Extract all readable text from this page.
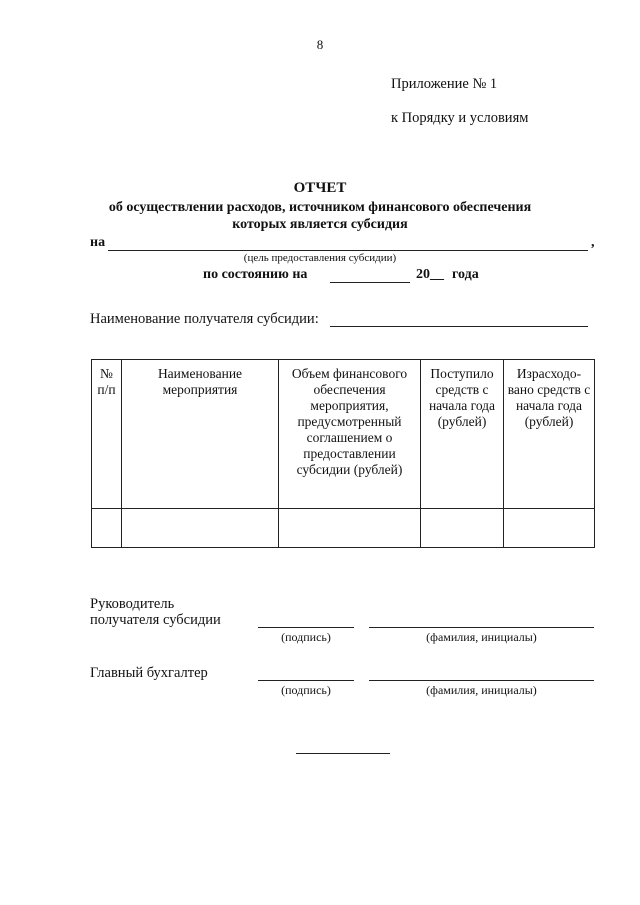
8
Приложение № 1
к Порядку и условиям
ОТЧЕТ
об осуществлении расходов, источником финансового обеспечения
которых является субсидия
на	,
(цель предоставления субсидии)
по состоянию на	20__ года
Наименование получателя субсидии:
№ п/п	Наименование мероприятия	Объем финансового обеспечения мероприятия, предусмотренный соглашением о предоставлении субсидии (рублей)	Поступило средств с начала года (рублей)	Израсходо-вано средств с начала года (рублей)

Руководитель
получателя субсидии
(подпись)	(фамилия, инициалы)
Главный бухгалтер
(подпись)	(фамилия, инициалы)
